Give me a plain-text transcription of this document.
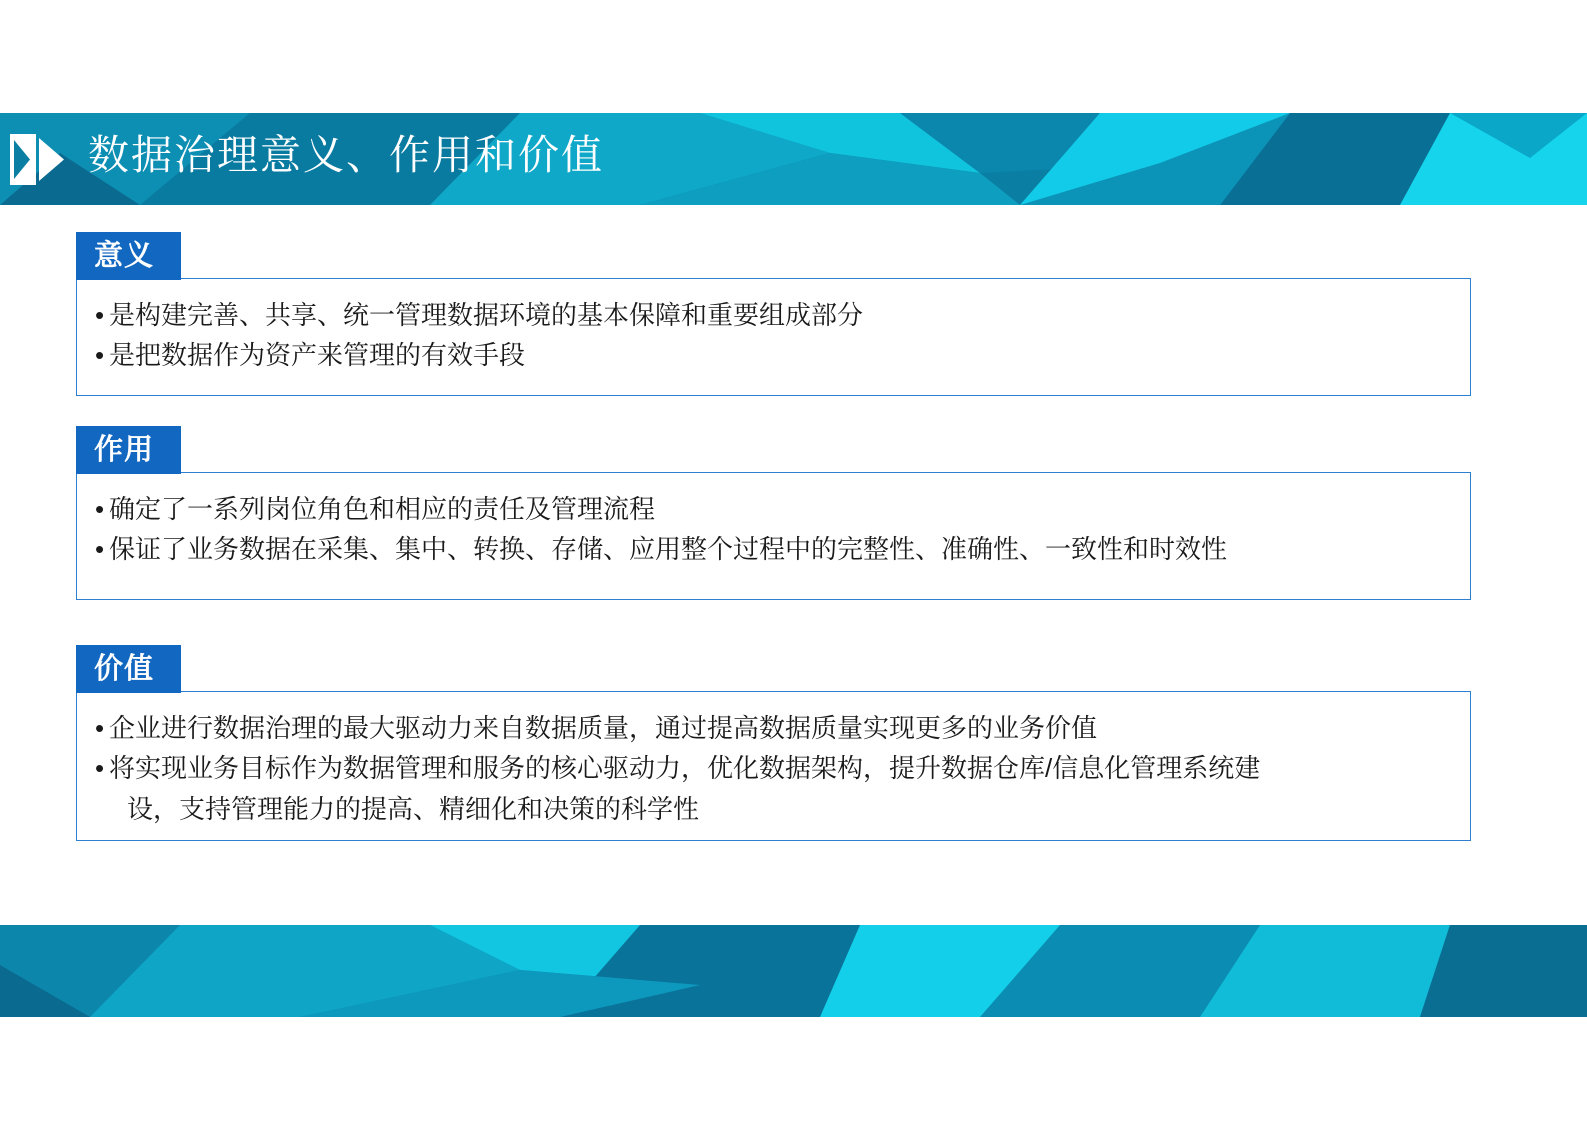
数据治理意义、作用和价值
意义
• 是构建完善、共享、统一管理数据环境的基本保障和重要组成部分
• 是把数据作为资产来管理的有效手段
作用
• 确定了一系列岗位角色和相应的责任及管理流程
• 保证了业务数据在采集、集中、转换、存储、应用整个过程中的完整性、准确性、一致性和时效性
价值
• 企业进行数据治理的最大驱动力来自数据质量，通过提高数据质量实现更多的业务价值
• 将实现业务目标作为数据管理和服务的核心驱动力，优化数据架构，提升数据仓库/信息化管理系统建
设，支持管理能力的提高、精细化和决策的科学性
